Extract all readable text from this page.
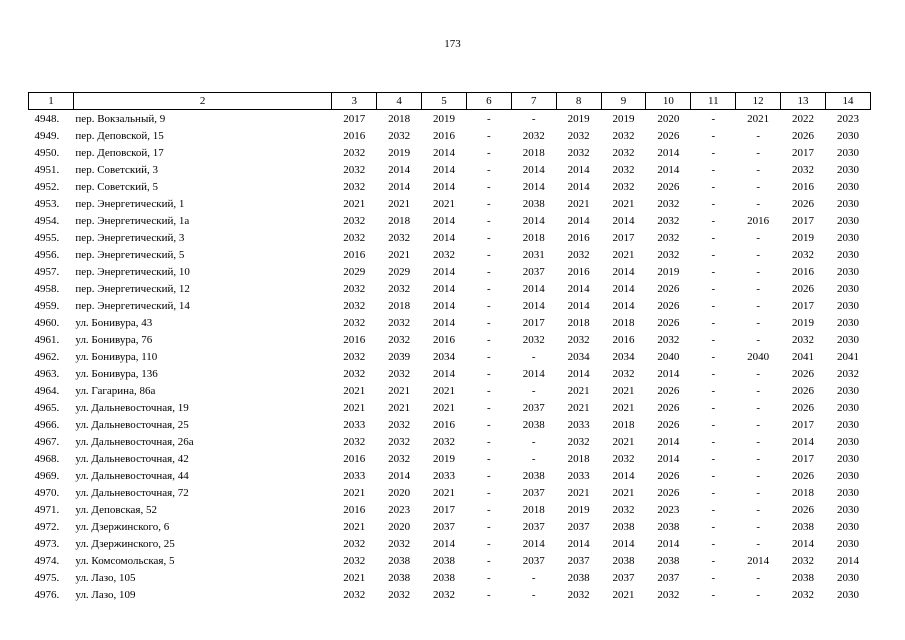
173
1	2	3	4	5	6	7	8	9	10	11	12	13	14
4948.	пер. Вокзальный, 9	2017	2018	2019	-	-	2019	2019	2020	-	2021	2022	2023
4949.	пер. Деповской, 15	2016	2032	2016	-	2032	2032	2032	2026	-	-	2026	2030
4950.	пер. Деповской, 17	2032	2019	2014	-	2018	2032	2032	2014	-	-	2017	2030
4951.	пер. Советский, 3	2032	2014	2014	-	2014	2014	2032	2014	-	-	2032	2030
4952.	пер. Советский, 5	2032	2014	2014	-	2014	2014	2032	2026	-	-	2016	2030
4953.	пер. Энергетический, 1	2021	2021	2021	-	2038	2021	2021	2032	-	-	2026	2030
4954.	пер. Энергетический, 1а	2032	2018	2014	-	2014	2014	2014	2032	-	2016	2017	2030
4955.	пер. Энергетический, 3	2032	2032	2014	-	2018	2016	2017	2032	-	-	2019	2030
4956.	пер. Энергетический, 5	2016	2021	2032	-	2031	2032	2021	2032	-	-	2032	2030
4957.	пер. Энергетический, 10	2029	2029	2014	-	2037	2016	2014	2019	-	-	2016	2030
4958.	пер. Энергетический, 12	2032	2032	2014	-	2014	2014	2014	2026	-	-	2026	2030
4959.	пер. Энергетический, 14	2032	2018	2014	-	2014	2014	2014	2026	-	-	2017	2030
4960.	ул. Бонивура, 43	2032	2032	2014	-	2017	2018	2018	2026	-	-	2019	2030
4961.	ул. Бонивура, 76	2016	2032	2016	-	2032	2032	2016	2032	-	-	2032	2030
4962.	ул. Бонивура, 110	2032	2039	2034	-	-	2034	2034	2040	-	2040	2041	2041
4963.	ул. Бонивура, 136	2032	2032	2014	-	2014	2014	2032	2014	-	-	2026	2032
4964.	ул. Гагарина, 86а	2021	2021	2021	-	-	2021	2021	2026	-	-	2026	2030
4965.	ул. Дальневосточная, 19	2021	2021	2021	-	2037	2021	2021	2026	-	-	2026	2030
4966.	ул. Дальневосточная, 25	2033	2032	2016	-	2038	2033	2018	2026	-	-	2017	2030
4967.	ул. Дальневосточная, 26а	2032	2032	2032	-	-	2032	2021	2014	-	-	2014	2030
4968.	ул. Дальневосточная, 42	2016	2032	2019	-	-	2018	2032	2014	-	-	2017	2030
4969.	ул. Дальневосточная, 44	2033	2014	2033	-	2038	2033	2014	2026	-	-	2026	2030
4970.	ул. Дальневосточная, 72	2021	2020	2021	-	2037	2021	2021	2026	-	-	2018	2030
4971.	ул. Деповская, 52	2016	2023	2017	-	2018	2019	2032	2023	-	-	2026	2030
4972.	ул. Дзержинского, 6	2021	2020	2037	-	2037	2037	2038	2038	-	-	2038	2030
4973.	ул. Дзержинского, 25	2032	2032	2014	-	2014	2014	2014	2014	-	-	2014	2030
4974.	ул. Комсомольская, 5	2032	2038	2038	-	2037	2037	2038	2038	-	2014	2032	2014
4975.	ул. Лазо, 105	2021	2038	2038	-	-	2038	2037	2037	-	-	2038	2030
4976.	ул. Лазо, 109	2032	2032	2032	-	-	2032	2021	2032	-	-	2032	2030
